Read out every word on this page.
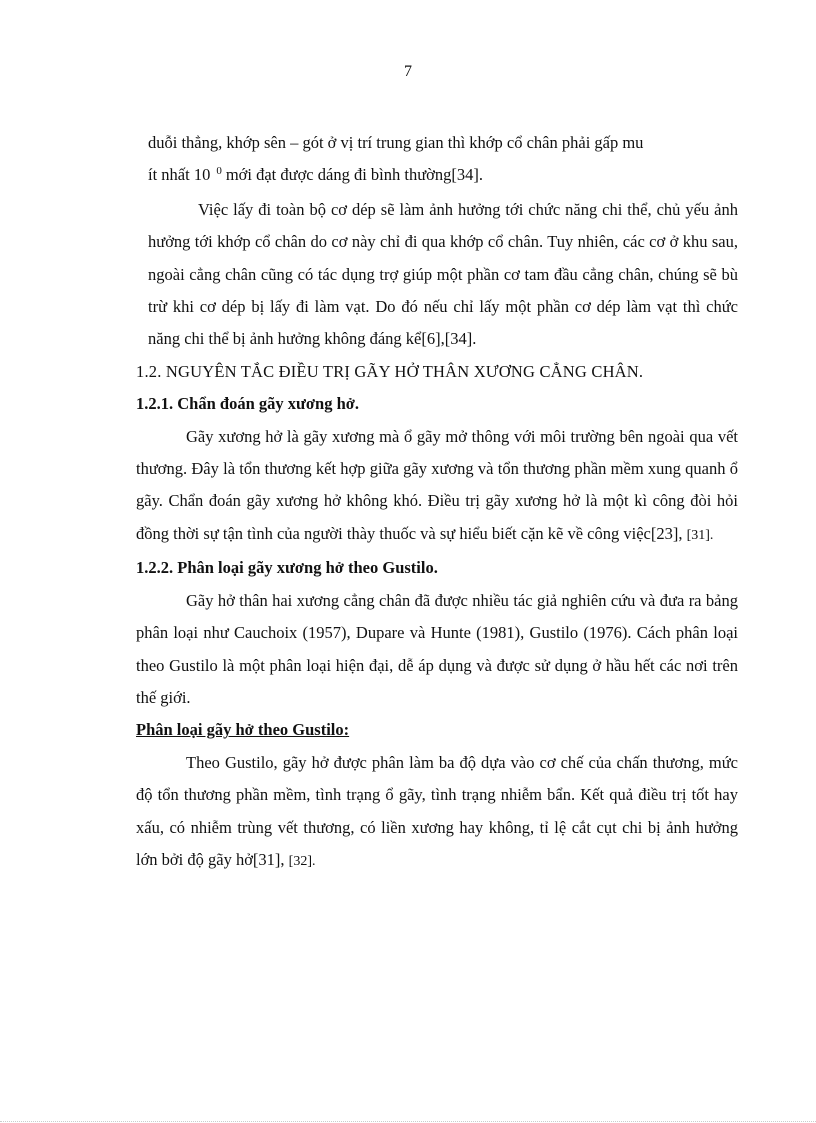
7

duỗi thẳng, khớp sên – gót ở vị trí trung gian thì khớp cổ chân phải gấp mu

ít nhất 10 $^0$ mới đạt được dáng đi bình thường[34].

Việc lấy đi toàn bộ cơ dép sẽ làm ảnh hưởng tới chức năng chi thể, chủ yếu ảnh hưởng tới khớp cổ chân do cơ này chỉ đi qua khớp cổ chân. Tuy nhiên, các cơ ở khu sau, ngoài cẳng chân cũng có tác dụng trợ giúp một phần cơ tam đầu cẳng chân, chúng sẽ bù trừ khi cơ dép bị lấy đi làm vạt. Do đó nếu chỉ lấy một phần cơ dép làm vạt thì chức năng chi thể bị ảnh hưởng không đáng kể[6],[34].

1.2. NGUYÊN TẮC ĐIỀU TRỊ GÃY HỞ THÂN XƯƠNG CẲNG CHÂN.

1.2.1. Chẩn đoán gãy xương hở.

Gãy xương hở là gãy xương mà ổ gãy mở thông với môi trường bên ngoài qua vết thương. Đây là tổn thương kết hợp giữa gãy xương và tổn thương phần mềm xung quanh ổ gãy. Chẩn đoán gãy xương hở không khó. Điều trị gãy xương hở là một kì công đòi hỏi đồng thời sự tận tình của người thày thuốc và sự hiểu biết cặn kẽ về công việc[23], [31].

1.2.2. Phân loại gãy xương hở theo Gustilo.

Gãy hở thân hai xương cẳng chân đã được nhiều tác giả nghiên cứu và đưa ra bảng phân loại như Cauchoix (1957), Dupare và Hunte (1981), Gustilo (1976). Cách phân loại theo Gustilo là một phân loại hiện đại, dễ áp dụng và được sử dụng ở hầu hết các nơi trên thế giới.

Phân loại gãy hở theo Gustilo:

Theo Gustilo, gãy hở được phân làm ba độ dựa vào cơ chế của chấn thương, mức độ tổn thương phần mềm, tình trạng ổ gãy, tình trạng nhiễm bẩn. Kết quả điều trị tốt hay xấu, có nhiễm trùng vết thương, có liền xương hay không, tỉ lệ cắt cụt chi bị ảnh hưởng lớn bởi độ gãy hở[31], [32].
